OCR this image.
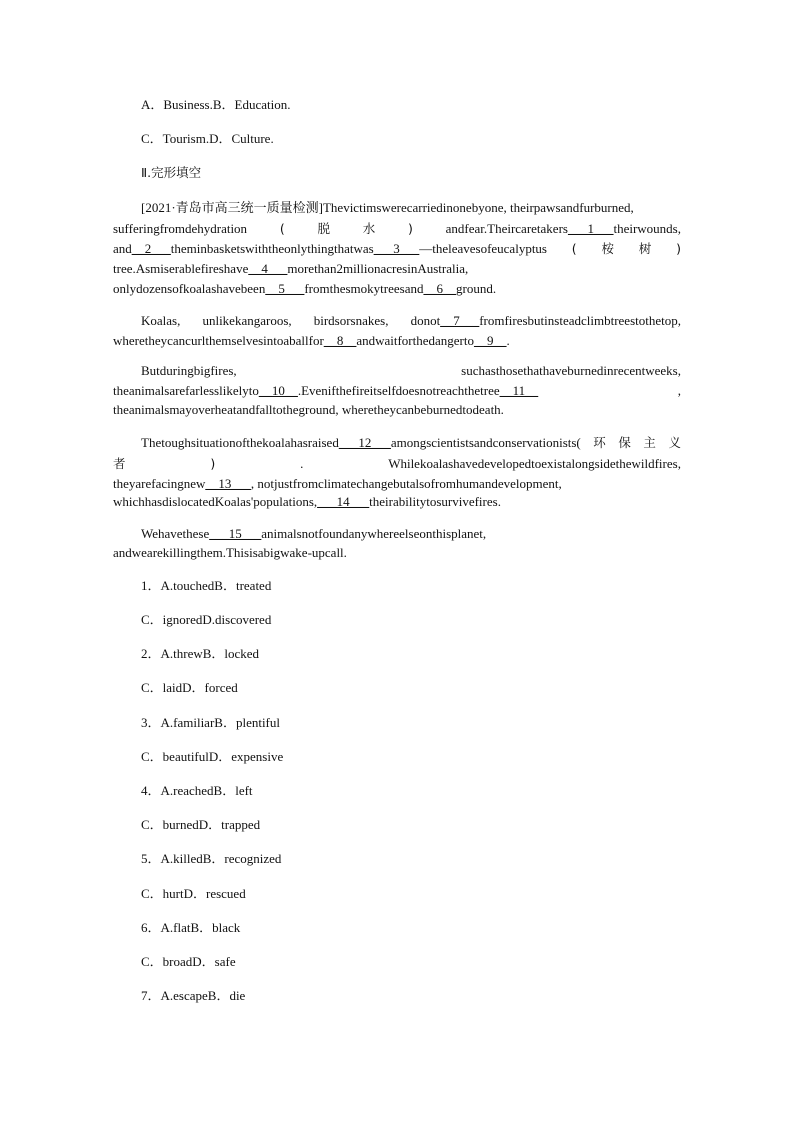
A．Business.B．Education.
C．Tourism.D．Culture.
Ⅱ.完形填空
[2021·青岛市高三统一质量检测]Thevictimswerecarriedinonebyone, theirpawsandfurburned,
sufferingfromdehydration	(	脱	水	)	andfear.Theircaretakers___1___theirwounds,
and__2___theminbasketswiththeonlythingthatwas___3___—theleavesofeucalyptus ( 桉 树 )
tree.Asmiserablefireshave__4___morethan2millionacresinAustralia,
onlydozensofkoalashavebeen__5___fromthesmokytreesand__6__ground.
Koalas, unlikekangaroos, birdsorsnakes, donot__7___fromfiresbutinsteadclimbtreestothetop,
wheretheycancurlthemselvesintoaballfor__8__andwaitforthedangerto__9__.
Butduringbigfires,	suchasthosethathaveburnedinrecentweeks,
theanimalsarefarlesslikelyto__10__.Evenifthefireitselfdoesnotreachthetree__11__	,
theanimalsmayoverheatandfalltotheground, wheretheycanbeburnedtodeath.
Thetoughsituationofthekoalahasraised___12___amongscientistsandconservationists( 环 保 主 义
者	)	.	Whilekoalashavedevelopedtoexistalongsidethewildfires,
theyarefacingnew__13___, notjustfromclimatechangebutalsofromhumandevelopment,
whichhasdislocatedKoalas'populations,___14___theirabilitytosurvivefires.
Wehavethese___15___animalsnotfoundanywhereelseonthisplanet,
andwearekillingthem.Thisisabigwake-upcall.
1．A.touchedB．treated
C．ignoredD.discovered
2．A.threwB．locked
C．laidD．forced
3．A.familiarB．plentiful
C．beautifulD．expensive
4．A.reachedB．left
C．burnedD．trapped
5．A.killedB．recognized
C．hurtD．rescued
6．A.flatB．black
C．broadD．safe
7．A.escapeB．die
